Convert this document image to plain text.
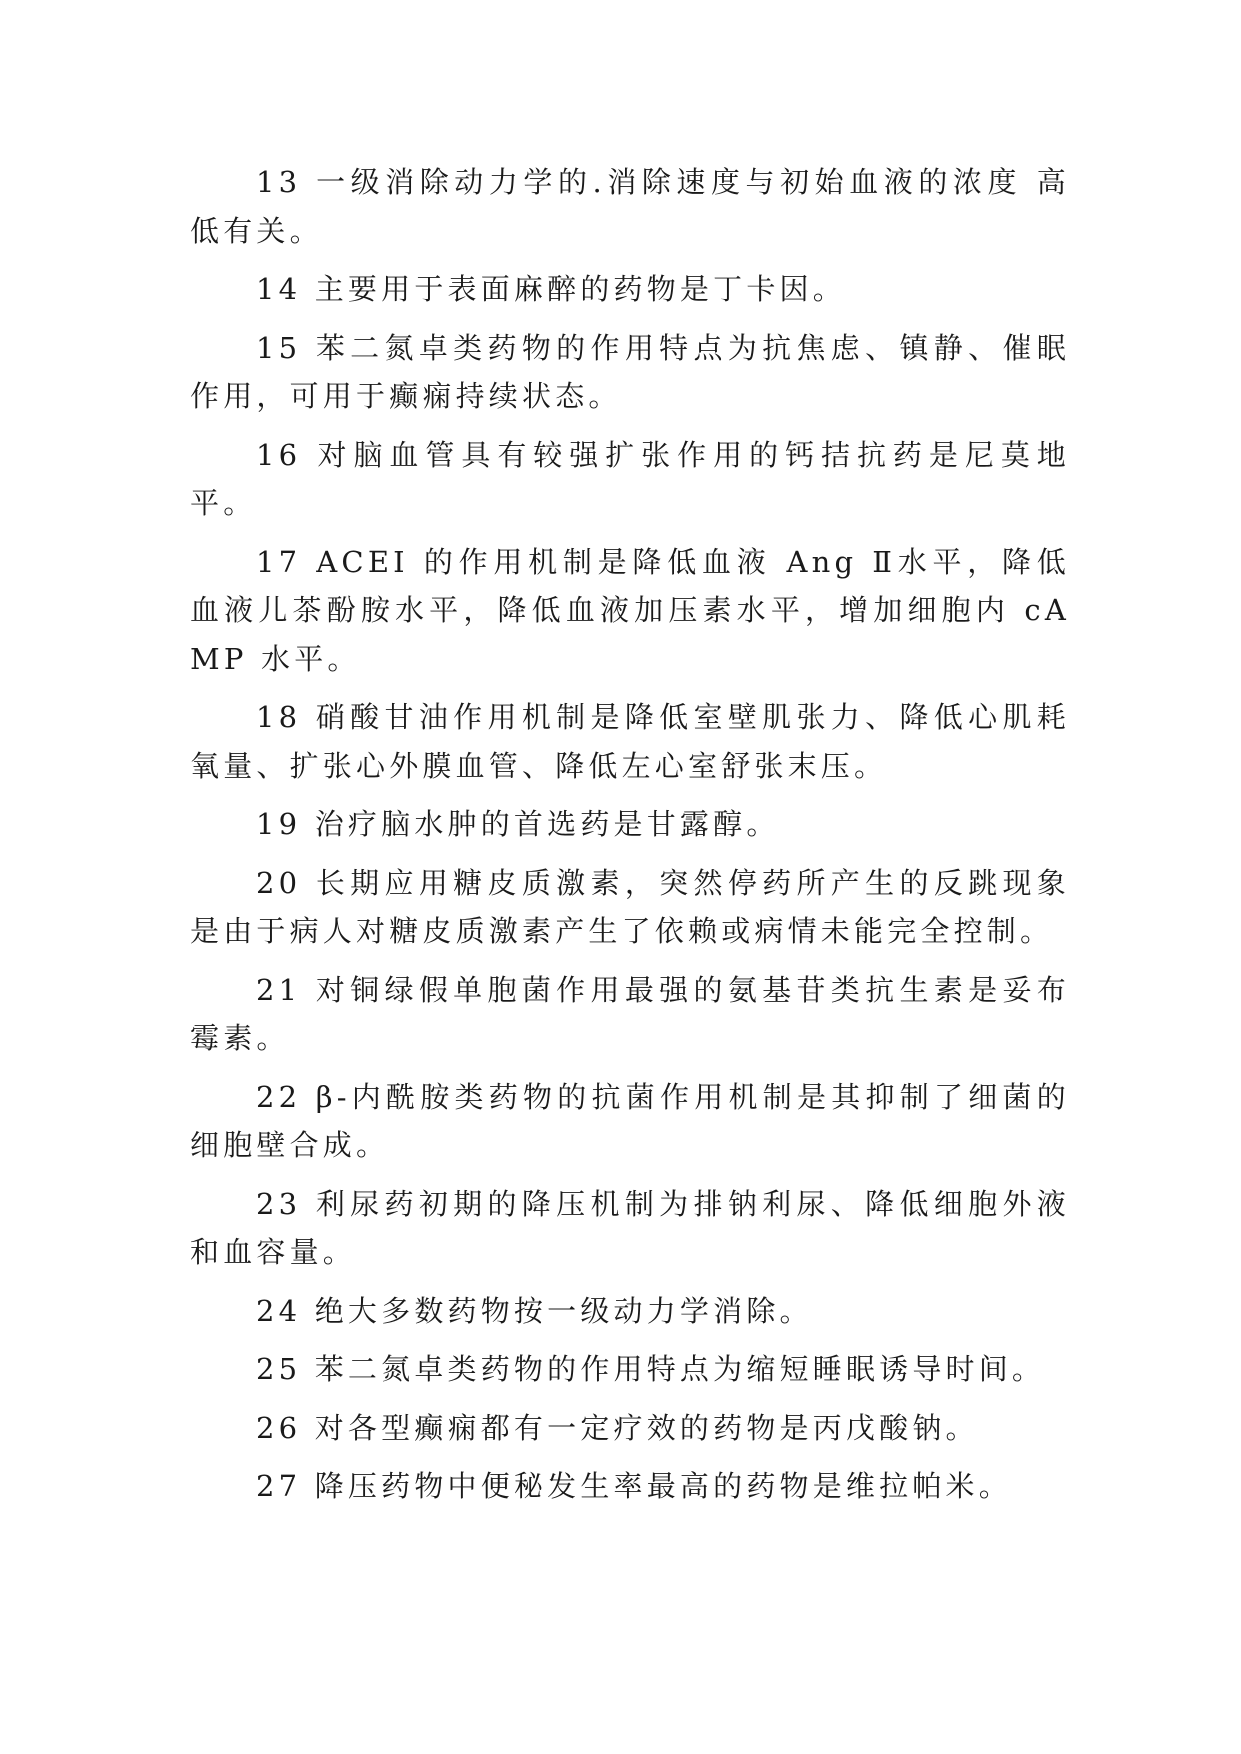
13 一级消除动力学的.消除速度与初始血液的浓度 高低有关。

14 主要用于表面麻醉的药物是丁卡因。

15 苯二氮卓类药物的作用特点为抗焦虑、镇静、催眠作用，可用于癫痫持续状态。

16 对脑血管具有较强扩张作用的钙拮抗药是尼莫地平。

17 ACEI 的作用机制是降低血液 Ang Ⅱ水平，降低血液儿茶酚胺水平，降低血液加压素水平，增加细胞内 cAMP 水平。

18 硝酸甘油作用机制是降低室壁肌张力、降低心肌耗氧量、扩张心外膜血管、降低左心室舒张末压。

19 治疗脑水肿的首选药是甘露醇。

20 长期应用糖皮质激素，突然停药所产生的反跳现象是由于病人对糖皮质激素产生了依赖或病情未能完全控制。

21 对铜绿假单胞菌作用最强的氨基苷类抗生素是妥布霉素。

22 β-内酰胺类药物的抗菌作用机制是其抑制了细菌的细胞壁合成。

23 利尿药初期的降压机制为排钠利尿、降低细胞外液和血容量。

24 绝大多数药物按一级动力学消除。

25 苯二氮卓类药物的作用特点为缩短睡眠诱导时间。

26 对各型癫痫都有一定疗效的药物是丙戊酸钠。

27 降压药物中便秘发生率最高的药物是维拉帕米。
